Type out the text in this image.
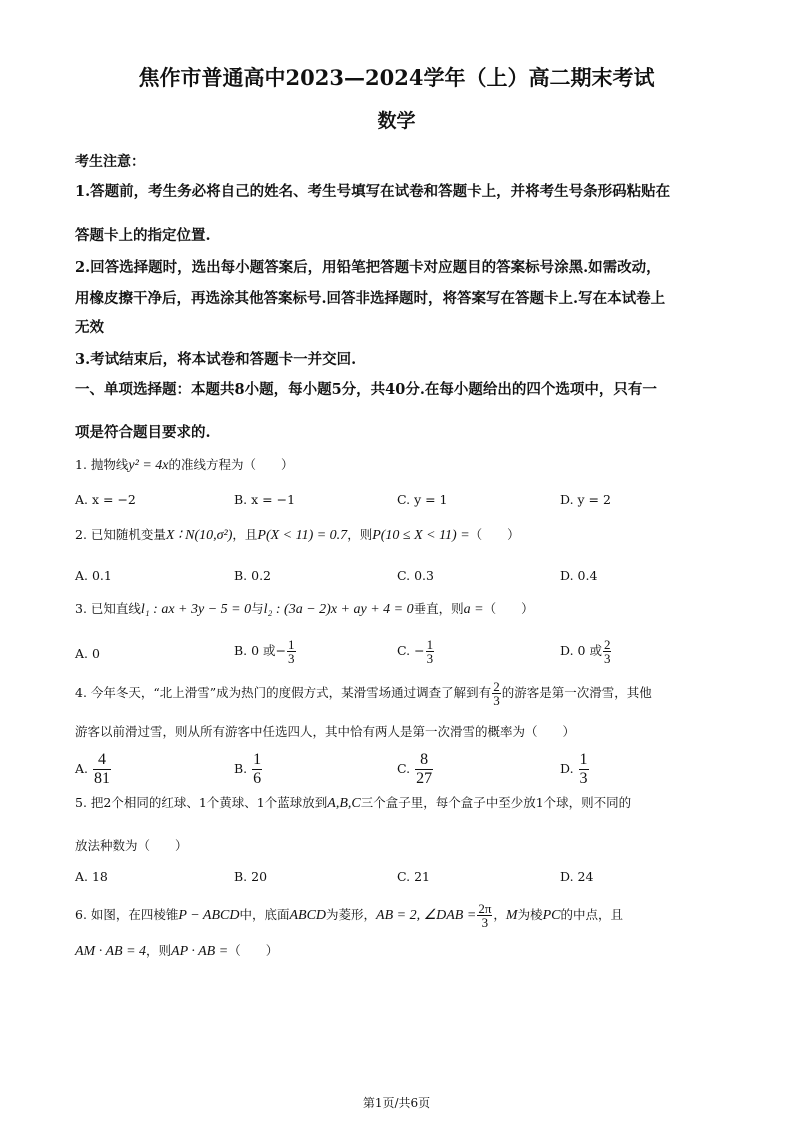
焦作市普通高中2023—2024学年（上）高二期末考试
数学
考生注意：
1.答题前，考生务必将自己的姓名、考生号填写在试卷和答题卡上，并将考生号条形码粘贴在
答题卡上的指定位置.
2.回答选择题时，选出每小题答案后，用铅笔把答题卡对应题目的答案标号涂黑.如需改动，
用橡皮擦干净后，再选涂其他答案标号.回答非选择题时，将答案写在答题卡上.写在本试卷上
无效
3.考试结束后，将本试卷和答题卡一并交回.
一、单项选择题：本题共8小题，每小题5分，共40分.在每小题给出的四个选项中，只有一
项是符合题目要求的.
1. 抛物线y² = 4x的准线方程为（　　）
A. x = −2	B. x = −1	C. y = 1	D. y = 2
2. 已知随机变量X ∶ N(10,σ²)，且P(X < 11) = 0.7，则P(10 ≤ X < 11) =（　　）
A. 0.1	B. 0.2	C. 0.3	D. 0.4
3. 已知直线l₁ : ax + 3y − 5 = 0与l₂ : (3a − 2)x + ay + 4 = 0垂直，则a =（　　）
A. 0	B. 0 或− $\frac{1}{3}$	C. − $\frac{1}{3}$	D. 0 或 $\frac{2}{3}$
4. 今年冬天，“北上滑雪”成为热门的度假方式，某滑雪场通过调查了解到有 $\frac{2}{3}$ 的游客是第一次滑雪，其他
游客以前滑过雪，则从所有游客中任选四人，其中恰有两人是第一次滑雪的概率为（　　）
A. $\frac{4}{81}$	B. $\frac{1}{6}$	C. $\frac{8}{27}$	D. $\frac{1}{3}$
5. 把2个相同的红球、1个黄球、1个蓝球放到A,B,C三个盒子里，每个盒子中至少放1个球，则不同的
放法种数为（　　）
A. 18	B. 20	C. 21	D. 24
6. 如图，在四棱锥P − ABCD中，底面ABCD为菱形，AB = 2, ∠DAB = $\frac{2\pi}{3}$ ，M为棱PC的中点，且
AM · AB = 4，则AP · AB =（　　）
第1页/共6页
